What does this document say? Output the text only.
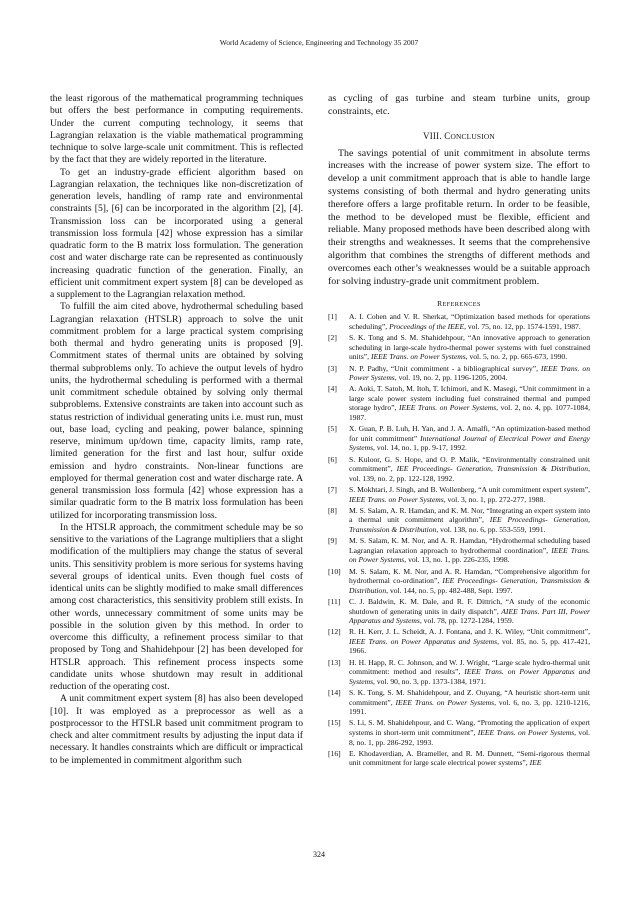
World Academy of Science, Engineering and Technology 35 2007

the least rigorous of the mathematical programming techniques but offers the best performance in computing requirements. Under the current computing technology, it seems that Lagrangian relaxation is the viable mathematical programming technique to solve large-scale unit commitment. This is reflected by the fact that they are widely reported in the literature.

To get an industry-grade efficient algorithm based on Lagrangian relaxation, the techniques like non-discretization of generation levels, handling of ramp rate and environmental constraints [5], [6] can be incorporated in the algorithm [2], [4]. Transmission loss can be incorporated using a general transmission loss formula [42] whose expression has a similar quadratic form to the B matrix loss formulation. The generation cost and water discharge rate can be represented as continuously increasing quadratic function of the generation. Finally, an efficient unit commitment expert system [8] can be developed as a supplement to the Lagrangian relaxation method.

To fulfill the aim cited above, hydrothermal scheduling based Lagrangian relaxation (HTSLR) approach to solve the unit commitment problem for a large practical system comprising both thermal and hydro generating units is proposed [9]. Commitment states of thermal units are obtained by solving thermal subproblems only. To achieve the output levels of hydro units, the hydrothermal scheduling is performed with a thermal unit commitment schedule obtained by solving only thermal subproblems. Extensive constraints are taken into account such as status restriction of individual generating units i.e. must run, must out, base load, cycling and peaking, power balance, spinning reserve, minimum up/down time, capacity limits, ramp rate, limited generation for the first and last hour, sulfur oxide emission and hydro constraints. Non-linear functions are employed for thermal generation cost and water discharge rate. A general transmission loss formula [42] whose expression has a similar quadratic form to the B matrix loss formulation has been utilized for incorporating transmission loss.

In the HTSLR approach, the commitment schedule may be so sensitive to the variations of the Lagrange multipliers that a slight modification of the multipliers may change the status of several units. This sensitivity problem is more serious for systems having several groups of identical units. Even though fuel costs of identical units can be slightly modified to make small differences among cost characteristics, this sensitivity problem still exists. In other words, unnecessary commitment of some units may be possible in the solution given by this method. In order to overcome this difficulty, a refinement process similar to that proposed by Tong and Shahidehpour [2] has been developed for HTSLR approach. This refinement process inspects some candidate units whose shutdown may result in additional reduction of the operating cost.

A unit commitment expert system [8] has also been developed [10]. It was employed as a preprocessor as well as a postprocessor to the HTSLR based unit commitment program to check and alter commitment results by adjusting the input data if necessary. It handles constraints which are difficult or impractical to be implemented in commitment algorithm such

as cycling of gas turbine and steam turbine units, group constraints, etc.

VIII. CONCLUSION

The savings potential of unit commitment in absolute terms increases with the increase of power system size. The effort to develop a unit commitment approach that is able to handle large systems consisting of both thermal and hydro generating units therefore offers a large profitable return. In order to be feasible, the method to be developed must be flexible, efficient and reliable. Many proposed methods have been described along with their strengths and weaknesses. It seems that the comprehensive algorithm that combines the strengths of different methods and overcomes each other’s weaknesses would be a suitable approach for solving industry-grade unit commitment problem.

REFERENCES
[1]	A. I. Cohen and V. R. Sherkat, “Optimization based methods for operations scheduling”, Proceedings of the IEEE, vol. 75, no. 12, pp. 1574-1591, 1987.
[2]	S. K. Tong and S. M. Shahidehpour, “An innovative approach to generation scheduling in large-scale hydro-thermal power systems with fuel constrained units”, IEEE Trans. on Power Systems, vol. 5, no. 2, pp. 665-673, 1990.
[3]	N. P. Padhy, “Unit commitment - a bibliographical survey”, IEEE Trans. on Power Systems, vol. 19, no. 2, pp. 1196-1205, 2004.
[4]	A. Aoki, T. Satoh, M. Itoh, T. Ichimori, and K. Masegi, “Unit commitment in a large scale power system including fuel constrained thermal and pumped storage hydro”, IEEE Trans. on Power Systems, vol. 2, no. 4, pp. 1077-1084, 1987.
[5]	X. Guan, P. B. Luh, H. Yan, and J. A. Amalfi, “An optimization-based method for unit commitment” International Journal of Electrical Power and Energy Systems, vol. 14, no. 1, pp. 9-17, 1992.
[6]	S. Kuloor, G. S. Hope, and O. P. Malik, “Environmentally constrained unit commitment”, IEE Proceedings- Generation, Transmission & Distribution, vol. 139, no. 2, pp. 122-128, 1992.
[7]	S. Mokhtari, J. Singh, and B. Wollenberg, “A unit commitment expert system”, IEEE Trans. on Power Systems, vol. 3, no. 1, pp. 272-277, 1988.
[8]	M. S. Salam, A. R. Hamdan, and K. M. Nor, “Integrating an expert system into a thermal unit commitment algorithm”, IEE Proceedings- Generation, Transmission & Distribution, vol. 138, no. 6, pp. 553-559, 1991.
[9]	M. S. Salam, K. M. Nor, and A. R. Hamdan, “Hydrothermal scheduling based Lagrangian relaxation approach to hydrothermal coordination”, IEEE Trans. on Power Systems, vol. 13, no. 1, pp. 226-235, 1998.
[10]	M. S. Salam, K. M. Nor, and A. R. Hamdan, “Comprehensive algorithm for hydrothermal co-ordination”, IEE Proceedings- Generation, Transmission & Distribution, vol. 144, no. 5, pp. 482-488, Sept. 1997.
[11]	C. J. Baldwin, K. M. Dale, and R. F. Dittrich, “A study of the economic shutdown of generating units in daily dispatch”, AIEE Trans. Part III, Power Apparatus and Systems, vol. 78, pp. 1272-1284, 1959.
[12]	R. H. Kerr, J. L. Scheidt, A. J. Fontana, and J. K. Wiley, “Unit commitment”, IEEE Trans. on Power Apparatus and Systems, vol. 85, no. 5, pp. 417-421, 1966.
[13]	H. H. Happ, R. C. Johnson, and W. J. Wright, “Large scale hydro-thermal unit commitment: method and results”, IEEE Trans. on Power Apparatus and Systems, vol. 90, no. 3, pp. 1373-1384, 1971.
[14]	S. K. Tong, S. M. Shahidehpour, and Z. Ouyang, “A heuristic short-term unit commitment”, IEEE Trans. on Power Systems, vol. 6, no. 3, pp. 1210-1216, 1991.
[15]	S. Li, S. M. Shahidehpour, and C. Wang, “Promoting the application of expert systems in short-term unit commitment”, IEEE Trans. on Power Systems, vol. 8, no. 1, pp. 286-292, 1993.
[16]	E. Khodaverdian, A. Brameller, and R. M. Dunnett, “Semi-rigorous thermal unit commitment for large scale electrical power systems”, IEE
324
